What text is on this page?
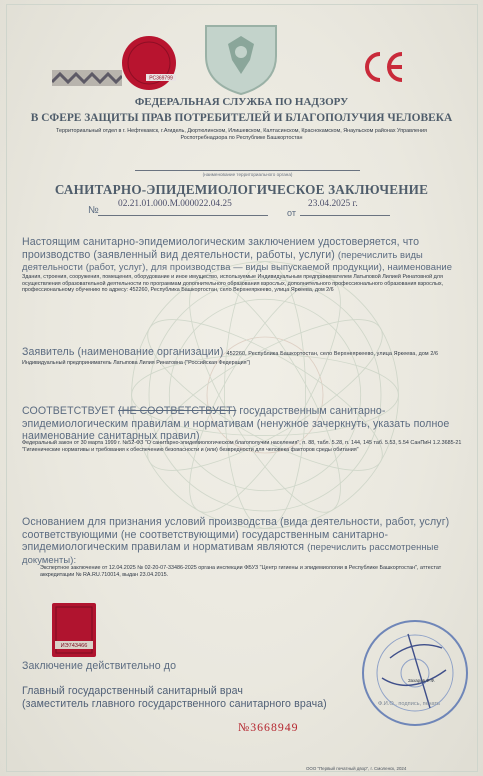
РС369799
ФЕДЕРАЛЬНАЯ СЛУЖБА ПО НАДЗОРУ
В СФЕРЕ ЗАЩИТЫ ПРАВ ПОТРЕБИТЕЛЕЙ И БЛАГОПОЛУЧИЯ ЧЕЛОВЕКА
Территориальный отдел в г. Нефтекамск, г.Агидель, Дюртюлинском, Илишевском, Калтасинском, Краснокамском, Янаульском районах Управления
Роспотребнадзора по Республике Башкортостан
(наименование территориального органа)
САНИТАРНО-ЭПИДЕМИОЛОГИЧЕСКОЕ ЗАКЛЮЧЕНИЕ
№
02.21.01.000.М.000022.04.25
от
23.04.2025 г.
Настоящим санитарно-эпидемиологическим заключением удостоверяется, что производство (заявленный вид деятельности, работы, услуги) (перечислить виды деятельности (работ, услуг), для производства — виды выпускаемой продукции), наименование
Здания, строения, сооружения, помещения, оборудование и иное имущество, используемые Индивидуальным предпринимателем Латыповой Лилией Ринатовной для осуществления образовательной деятельности по программам дополнительного образования взрослых, дополнительного профессионального образования взрослых, профессиональному обучению по адресу: 452260, Республика Башкортостан, село Верхнеяркеево, улица Яркеева, дом 2/6
Заявитель (наименование организации) 452260, Республика Башкортостан, село Верхнеяркеево, улица Яркеева, дом 2/6
Индивидуальный предприниматель Латыпова Лилия Ринатовна ("Российская Федерация")
СООТВЕТСТВУЕТ (НЕ СООТВЕТСТВУЕТ) государственным санитарно-эпидемиологическим правилам и нормативам (ненужное зачеркнуть, указать полное наименование санитарных правил)
Федеральный закон от 30 марта 1999 г. №52-ФЗ "О санитарно-эпидемиологическом благополучии населения", п. 88, табл. 5.28, п. 144, 145 таб. 5.53, 5.54 СанПиН 1.2.3685-21 "Гигиенические нормативы и требования к обеспечению безопасности и (или) безвредности для человека факторов среды обитания"
Основанием для признания условий производства (вида деятельности, работ, услуг) соответствующими (не соответствующими) государственным санитарно-эпидемиологическим правилам и нормативам являются (перечислить рассмотренные документы):
Экспертное заключение от 12.04.2025 № 02-20-07-33486-2025 органа инспекции ФБУЗ "Центр гигиены и эпидемиологии в Республике Башкортостан", аттестат аккредитации № RA.RU.710014, выдан 23.04.2015.
ИЭ743466
Захаров Ф.Ф.
Ф.И.О., подпись, печать
Заключение действительно до
Главный государственный санитарный врач
(заместитель главного государственного санитарного врача)
№3668949
ООО "Первый печатный двор", г. Смоленск, 2024
